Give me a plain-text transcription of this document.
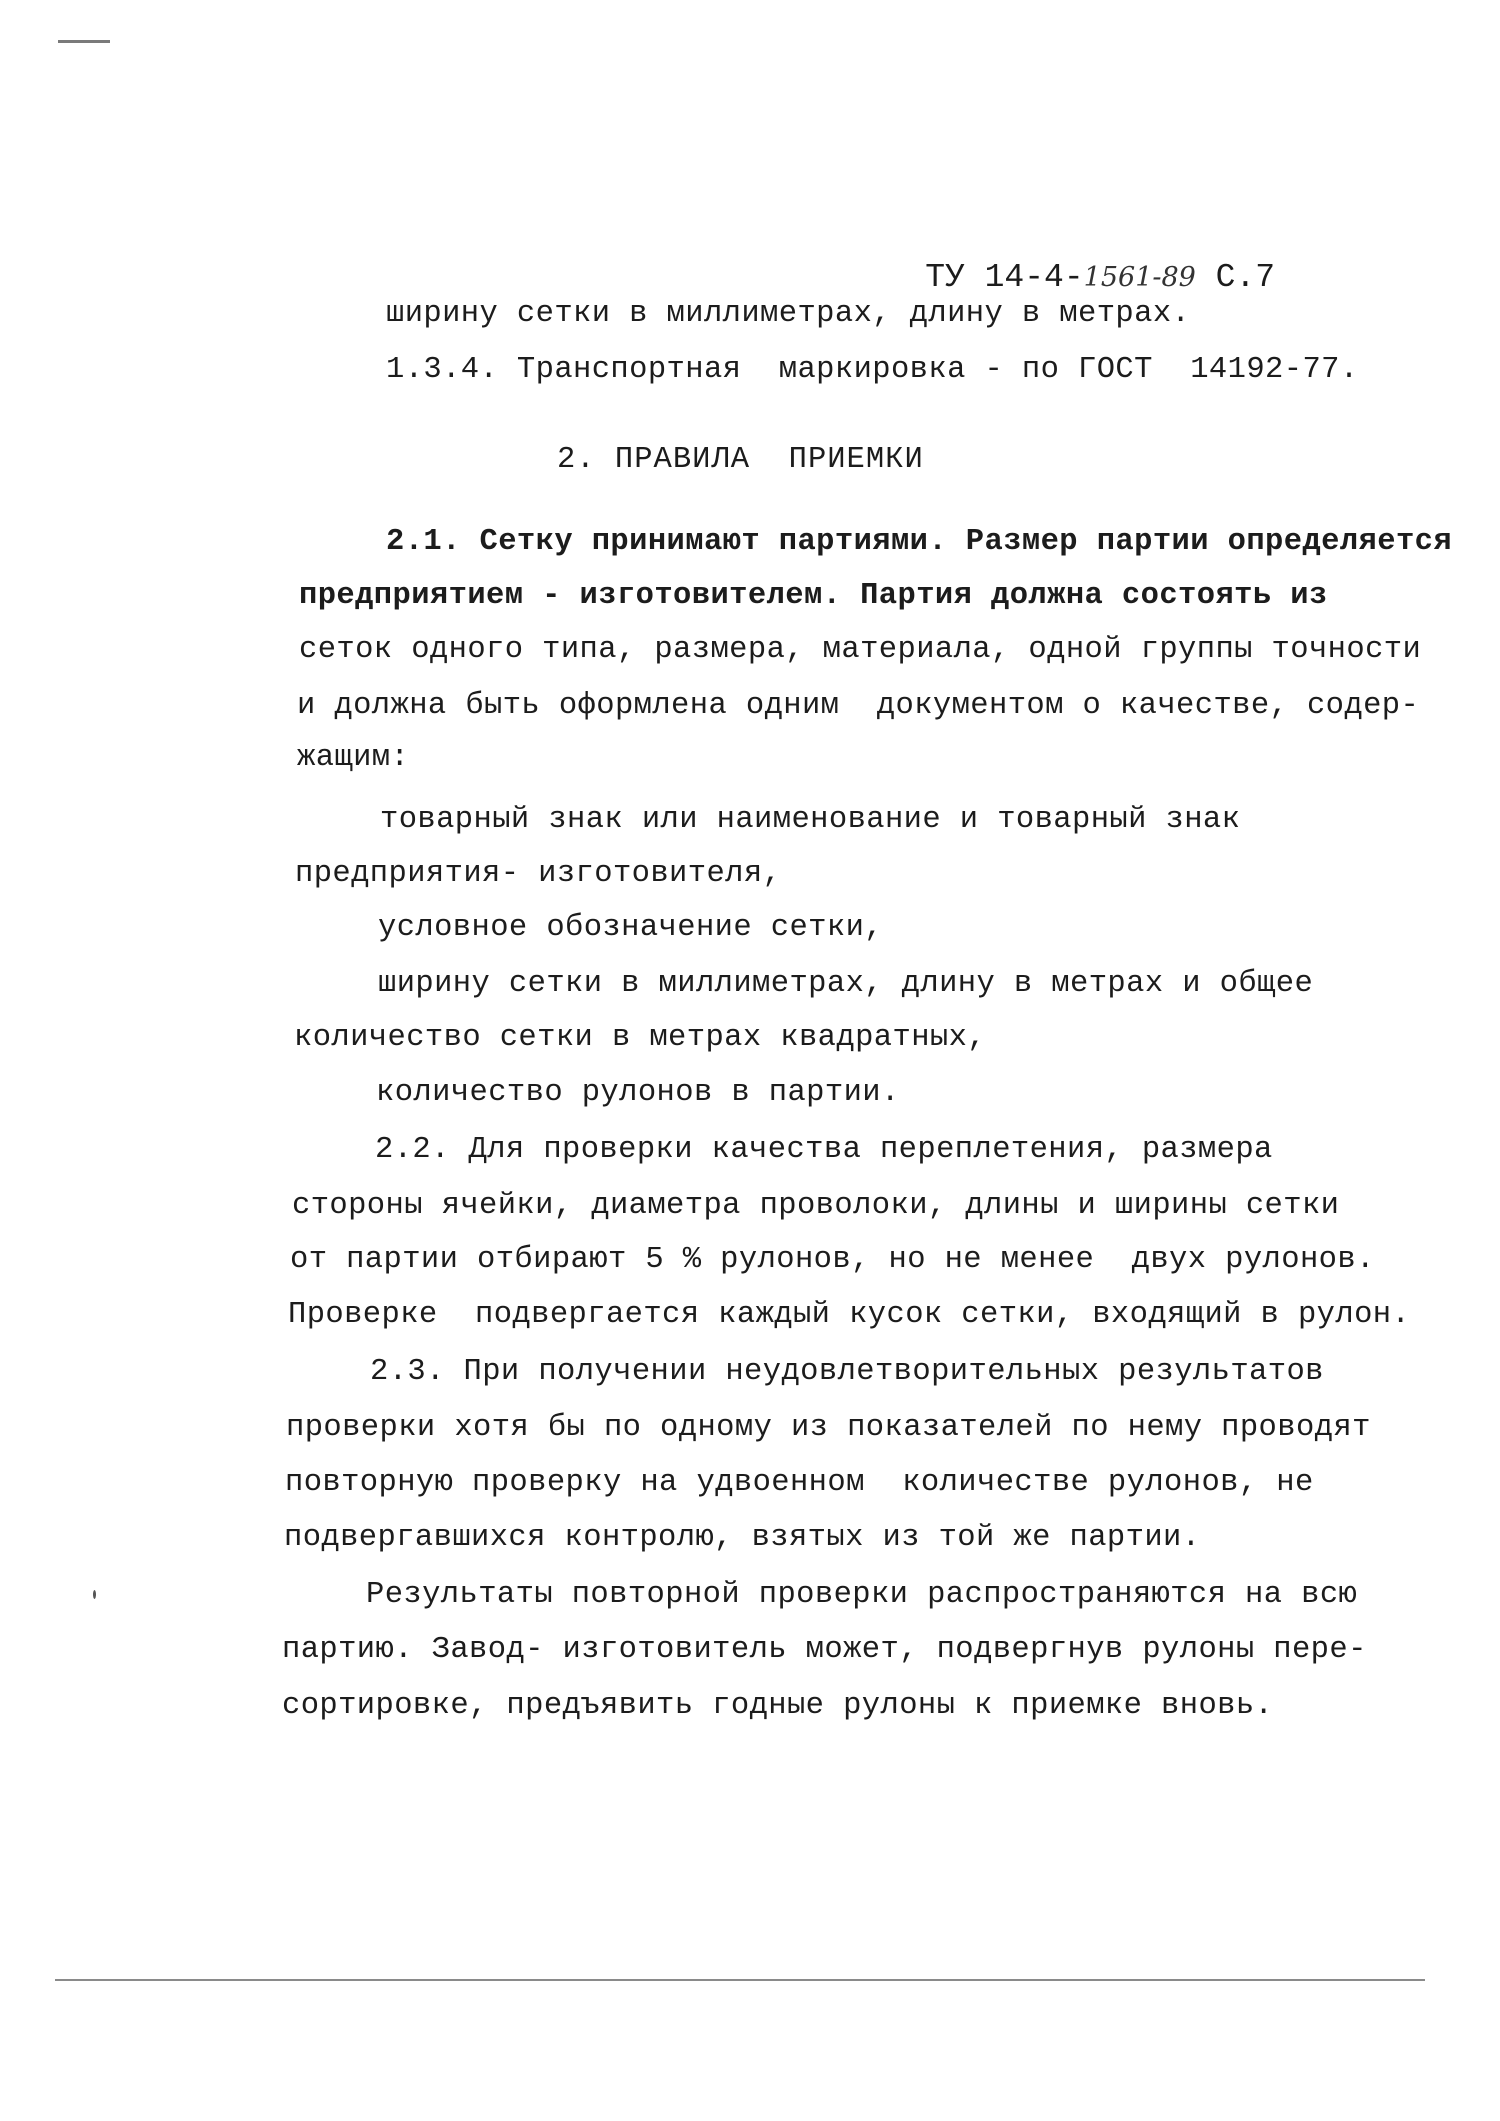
ТУ 14-4-1561-89 С.7

ширину сетки в миллиметрах, длину в метрах.
1.3.4. Транспортная  маркировка - по ГОСТ  14192-77.
2. ПРАВИЛА  ПРИЕМКИ
2.1. Сетку принимают партиями. Размер партии определяется
предприятием - изготовителем. Партия должна состоять из
сеток одного типа, размера, материала, одной группы точности
и должна быть оформлена одним  документом о качестве, содер-
жащим:
товарный знак или наименование и товарный знак
предприятия- изготовителя,
условное обозначение сетки,
ширину сетки в миллиметрах, длину в метрах и общее
количество сетки в метрах квадратных,
количество рулонов в партии.
2.2. Для проверки качества переплетения, размера
стороны ячейки, диаметра проволоки, длины и ширины сетки
от партии отбирают 5 % рулонов, но не менее  двух рулонов.
Проверке  подвергается каждый кусок сетки, входящий в рулон.
2.3. При получении неудовлетворительных результатов
проверки хотя бы по одному из показателей по нему проводят
повторную проверку на удвоенном  количестве рулонов, не
подвергавшихся контролю, взятых из той же партии.
Результаты повторной проверки распространяются на всю
партию. Завод- изготовитель может, подвергнув рулоны пере-
сортировке, предъявить годные рулоны к приемке вновь.
